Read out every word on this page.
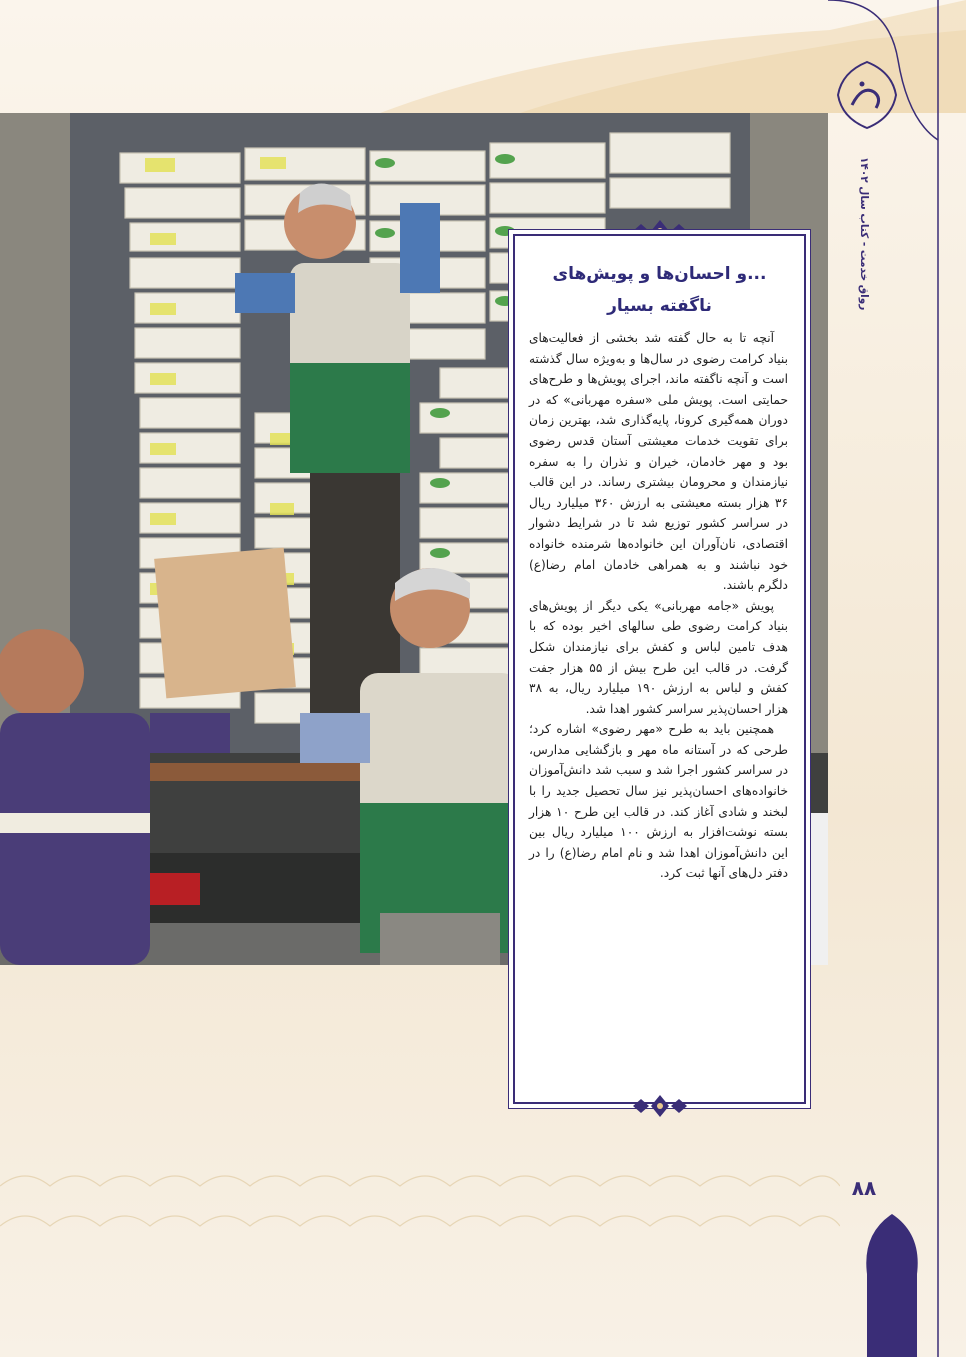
...و احسان‌ها و پویش‌های
ناگفته بسیار

آنچه تا به حال گفته شد بخشی از فعالیت‌های بنیاد کرامت رضوی در سال‌ها و به‌ویژه سال گذشته است و آنچه ناگفته ماند، اجرای پویش‌ها و طرح‌های حمایتی است. پویش ملی «سفره مهربانی» که در دوران همه‌گیری کرونا، پایه‌گذاری شد، بهترین زمان برای تقویت خدمات معیشتی آستان قدس رضوی بود و مهر خادمان، خیران و نذران را به سفره نیازمندان و محرومان بیشتری رساند. در این قالب ۳۶ هزار بسته معیشتی به ارزش ۳۶۰ میلیارد ریال در سراسر کشور توزیع شد تا در شرایط دشوار اقتصادی، نان‌آوران این خانواده‌ها شرمنده خانواده خود نباشند و به همراهی خادمان امام رضا(ع) دلگرم باشند.

پویش «جامه مهربانی» یکی دیگر از پویش‌های بنیاد کرامت رضوی طی سالهای اخیر بوده که با هدف تامین لباس و کفش برای نیازمندان شکل گرفت. در قالب این طرح بیش از ۵۵ هزار جفت کفش و لباس به ارزش ۱۹۰ میلیارد ریال، به ۳۸ هزار احسان‌پذیر سراسر کشور اهدا شد.

همچنین باید به طرح «مهر رضوی» اشاره کرد؛ طرحی که در آستانه ماه مهر و بازگشایی مدارس، در سراسر کشور اجرا شد و سبب شد دانش‌آموزان خانواده‌های احسان‌پذیر نیز سال تحصیل جدید را با لبخند و شادی آغاز کند. در قالب این طرح ۱۰ هزار بسته نوشت‌افزار به ارزش ۱۰۰ میلیارد ریال بین این دانش‌آموزان اهدا شد و نام امام رضا(ع) را در دفتر دل‌های آنها ثبت کرد.

رواق خدمت - کتاب سال ۱۴۰۲
۸۸
